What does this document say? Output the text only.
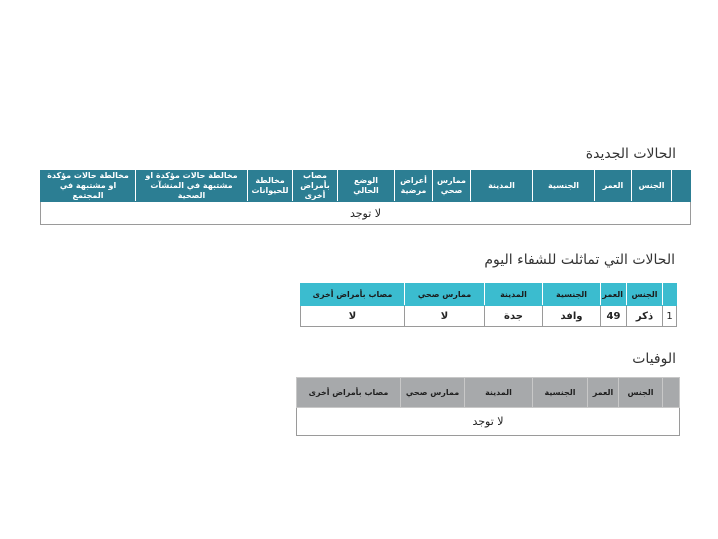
الحالات الجديدة
	الجنس	العمر	الجنسية	المدينة	ممارس صحي	أعراض مرضية	الوضع الحالي	مصاب بأمراض أخرى	مخالطة للحيوانات	مخالطة حالات مؤكدة او مشتبهة في المنشآت الصحية	مخالطة حالات مؤكدة او مشتبهة في المجتمع
لا توجد
الحالات التي تماثلت للشفاء اليوم
	الجنس	العمر	الجنسية	المدينة	ممارس صحي	مصاب بأمراض أخرى
1	ذكر	49	وافد	جدة	لا	لا
الوفيات
	الجنس	العمر	الجنسية	المدينة	ممارس صحي	مصاب بأمراض أخرى
لا توجد
